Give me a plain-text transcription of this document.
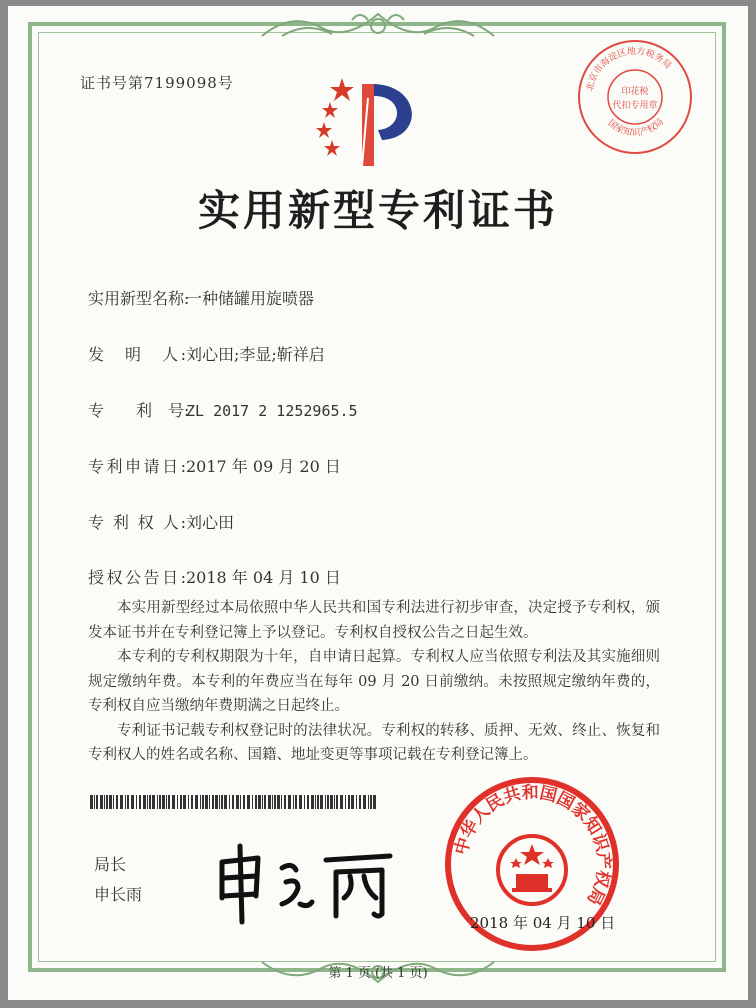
证书号第7199098号
实用新型专利证书
实用新型名称:一种储罐用旋喷器
发　明　人:刘心田;李显;靳祥启
专　　利　号:ZL 2017 2 1252965.5
专利申请日:2017 年 09 月 20 日
专 利 权 人:刘心田
授权公告日:2018 年 04 月 10 日

本实用新型经过本局依照中华人民共和国专利法进行初步审查，决定授予专利权，颁发本证书并在专利登记簿上予以登记。专利权自授权公告之日起生效。

本专利的专利权期限为十年，自申请日起算。专利权人应当依照专利法及其实施细则规定缴纳年费。本专利的年费应当在每年 09 月 20 日前缴纳。未按照规定缴纳年费的，专利权自应当缴纳年费期满之日起终止。

专利证书记载专利权登记时的法律状况。专利权的转移、质押、无效、终止、恢复和专利权人的姓名或名称、国籍、地址变更等事项记载在专利登记簿上。

局长
申长雨
中华人民共和国国家知识产权局
2018 年 04 月 10 日
北京市海淀区地方税务局
国家知识产权局
印花税
代扣专用章
第 1 页 (共 1 页)
